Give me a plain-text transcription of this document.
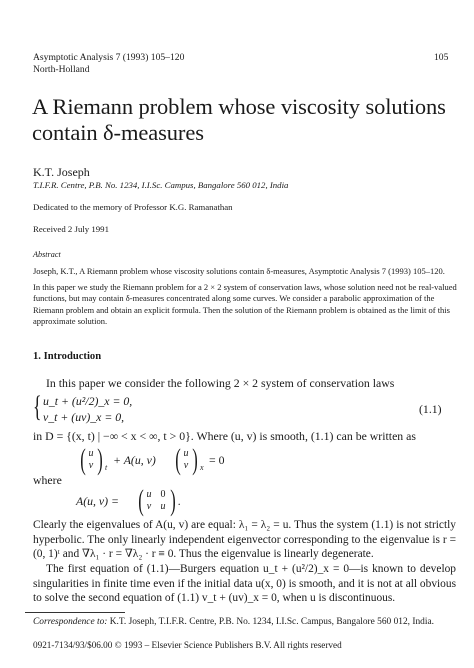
Asymptotic Analysis 7 (1993) 105–120
North-Holland
105
A Riemann problem whose viscosity solutions
contain δ-measures
K.T. Joseph
T.I.F.R. Centre, P.B. No. 1234, I.I.Sc. Campus, Bangalore 560 012, India
Dedicated to the memory of Professor K.G. Ramanathan
Received 2 July 1991
Abstract
Joseph, K.T., A Riemann problem whose viscosity solutions contain δ-measures, Asymptotic Analysis 7 (1993) 105–120.
In this paper we study the Riemann problem for a 2 × 2 system of conservation laws, whose solution need not be real-valued functions, but may contain δ-measures concentrated along some curves. We consider a parabolic approximation of the Riemann problem and obtain an explicit formula. Then the solution of the Riemann problem is obtained as the limit of this approximate solution.
1. Introduction
In this paper we consider the following 2 × 2 system of conservation laws
{ u_t + (u²/2)_x = 0,
v_t + (uv)_x = 0,
(1.1)
in D = {(x, t) | −∞ < x < ∞, t > 0}. Where (u, v) is smooth, (1.1) can be written as
( u
v ) t
+ A(u, v) ( u
v ) x
= 0
where
A(u, v) = ( u 0
v u ) .
Clearly the eigenvalues of A(u, v) are equal: λ₁ = λ₂ = u. Thus the system (1.1) is not strictly hyperbolic. The only linearly independent eigenvector corresponding to the eigenvalue is r = (0, 1)ᵗ and ∇λ₁ · r = ∇λ₂ · r ≡ 0. Thus the eigenvalue is linearly degenerate.
The first equation of (1.1)—Burgers equation u_t + (u²/2)_x = 0—is known to develop singularities in finite time even if the initial data u(x, 0) is smooth, and it is not at all obvious to solve the second equation of (1.1) v_t + (uv)_x = 0, when u is discontinuous.
Correspondence to: K.T. Joseph, T.I.F.R. Centre, P.B. No. 1234, I.I.Sc. Campus, Bangalore 560 012, India.
0921-7134/93/$06.00 © 1993 – Elsevier Science Publishers B.V. All rights reserved
